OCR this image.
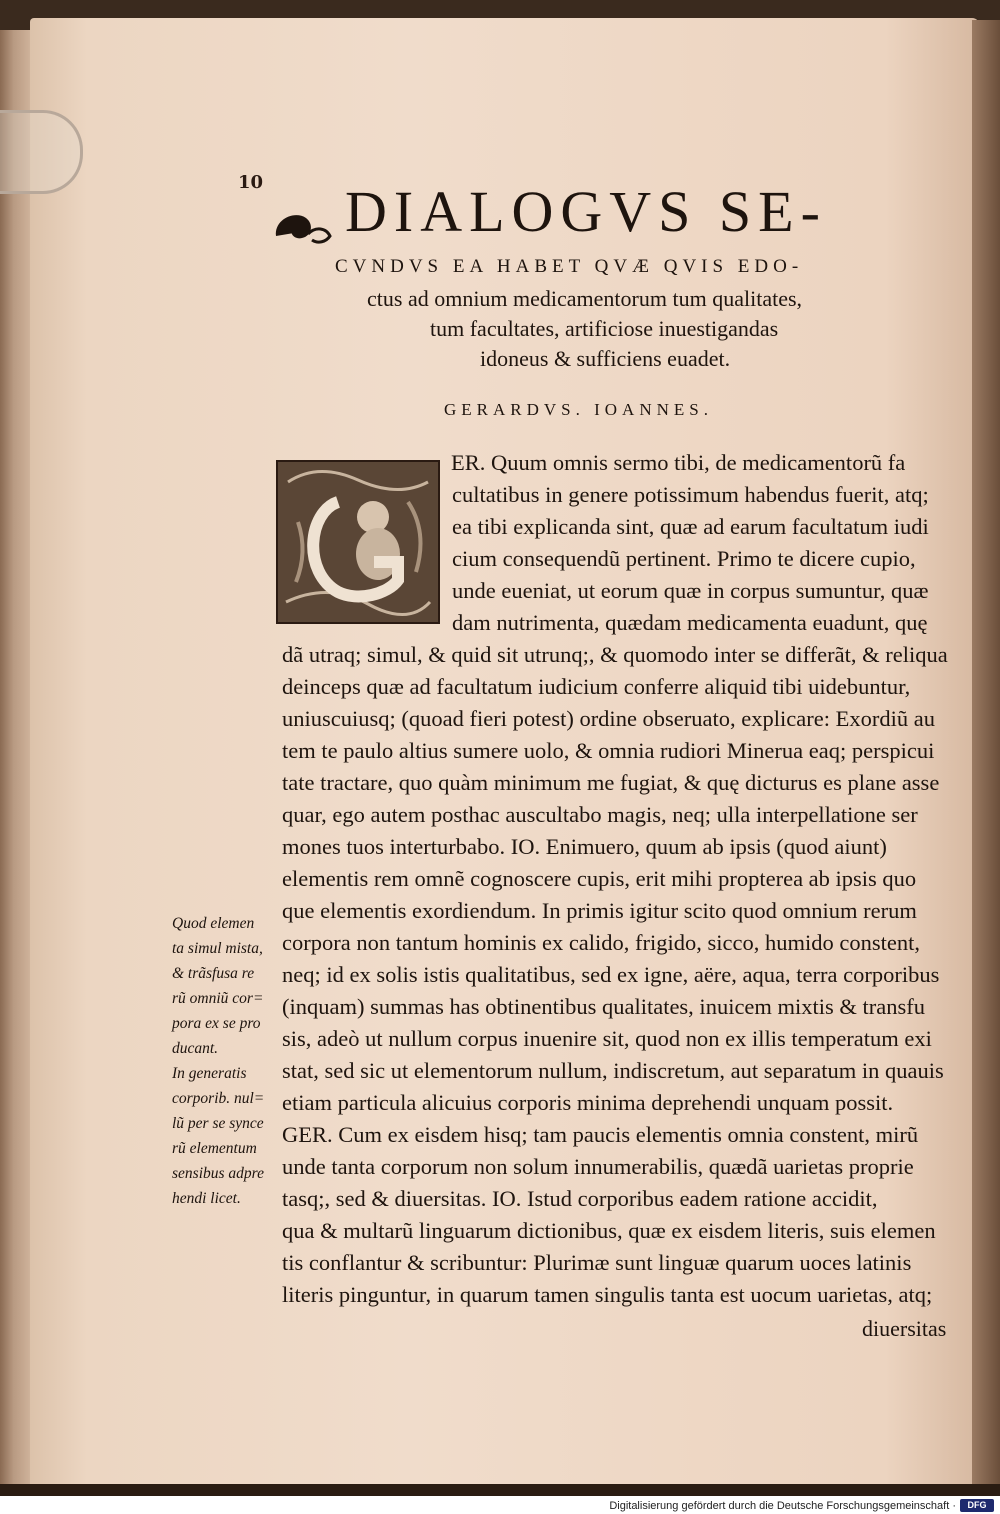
10 DIALOGVS SE-
CVNDVS EA HABET QVÆ QVIS EDO-
ctus ad omnium medicamentorum tum qualitates,
tum facultates, artificiose inuestigandas
idoneus & sufficiens euadet.
GERARDVS. IOANNES.
ER. Quum omnis sermo tibi, de medicamentorũ fa
cultatibus in genere potissimum habendus fuerit, atq;
ea tibi explicanda sint, quæ ad earum facultatum iudi
cium consequendũ pertinent. Primo te dicere cupio,
unde eueniat, ut eorum quæ in corpus sumuntur, quæ
dam nutrimenta, quædam medicamenta euadunt, quę
dã utraq; simul, & quid sit utrunq;, & quomodo inter se differãt, & reliqua
deinceps quæ ad facultatum iudicium conferre aliquid tibi uidebuntur,
uniuscuiusq; (quoad fieri potest) ordine obseruato, explicare: Exordiũ au
tem te paulo altius sumere uolo, & omnia rudiori Minerua eaq; perspicui
tate tractare, quo quàm minimum me fugiat, & quę dicturus es plane asse
quar, ego autem posthac auscultabo magis, neq; ulla interpellatione ser
mones tuos interturbabo. IO. Enimuero, quum ab ipsis (quod aiunt)
elementis rem omnẽ cognoscere cupis, erit mihi propterea ab ipsis quo
que elementis exordiendum. In primis igitur scito quod omnium rerum
corpora non tantum hominis ex calido, frigido, sicco, humido constent,
neq; id ex solis istis qualitatibus, sed ex igne, aëre, aqua, terra corporibus
(inquam) summas has obtinentibus qualitates, inuicem mixtis & transfu
sis, adeò ut nullum corpus inuenire sit, quod non ex illis temperatum exi
stat, sed sic ut elementorum nullum, indiscretum, aut separatum in quauis
etiam particula alicuius corporis minima deprehendi unquam possit.
GER. Cum ex eisdem hisq; tam paucis elementis omnia constent, mirũ
unde tanta corporum non solum innumerabilis, quædã uarietas proprie
tasq;, sed & diuersitas. IO. Istud corporibus eadem ratione accidit,
qua & multarũ linguarum dictionibus, quæ ex eisdem literis, suis elemen
tis conflantur & scribuntur: Plurimæ sunt linguæ quarum uoces latinis
literis pinguntur, in quarum tamen singulis tanta est uocum uarietas, atq;
diuersitas
Quod elemen
ta simul mista,
& trãsfusa re
rũ omniũ cor=
pora ex se pro
ducant.
In generatis
corporib. nul=
lũ per se synce
rũ elementum
sensibus adpre
hendi licet.
Digitalisierung gefördert durch die Deutsche Forschungsgemeinschaft ·	DFG
